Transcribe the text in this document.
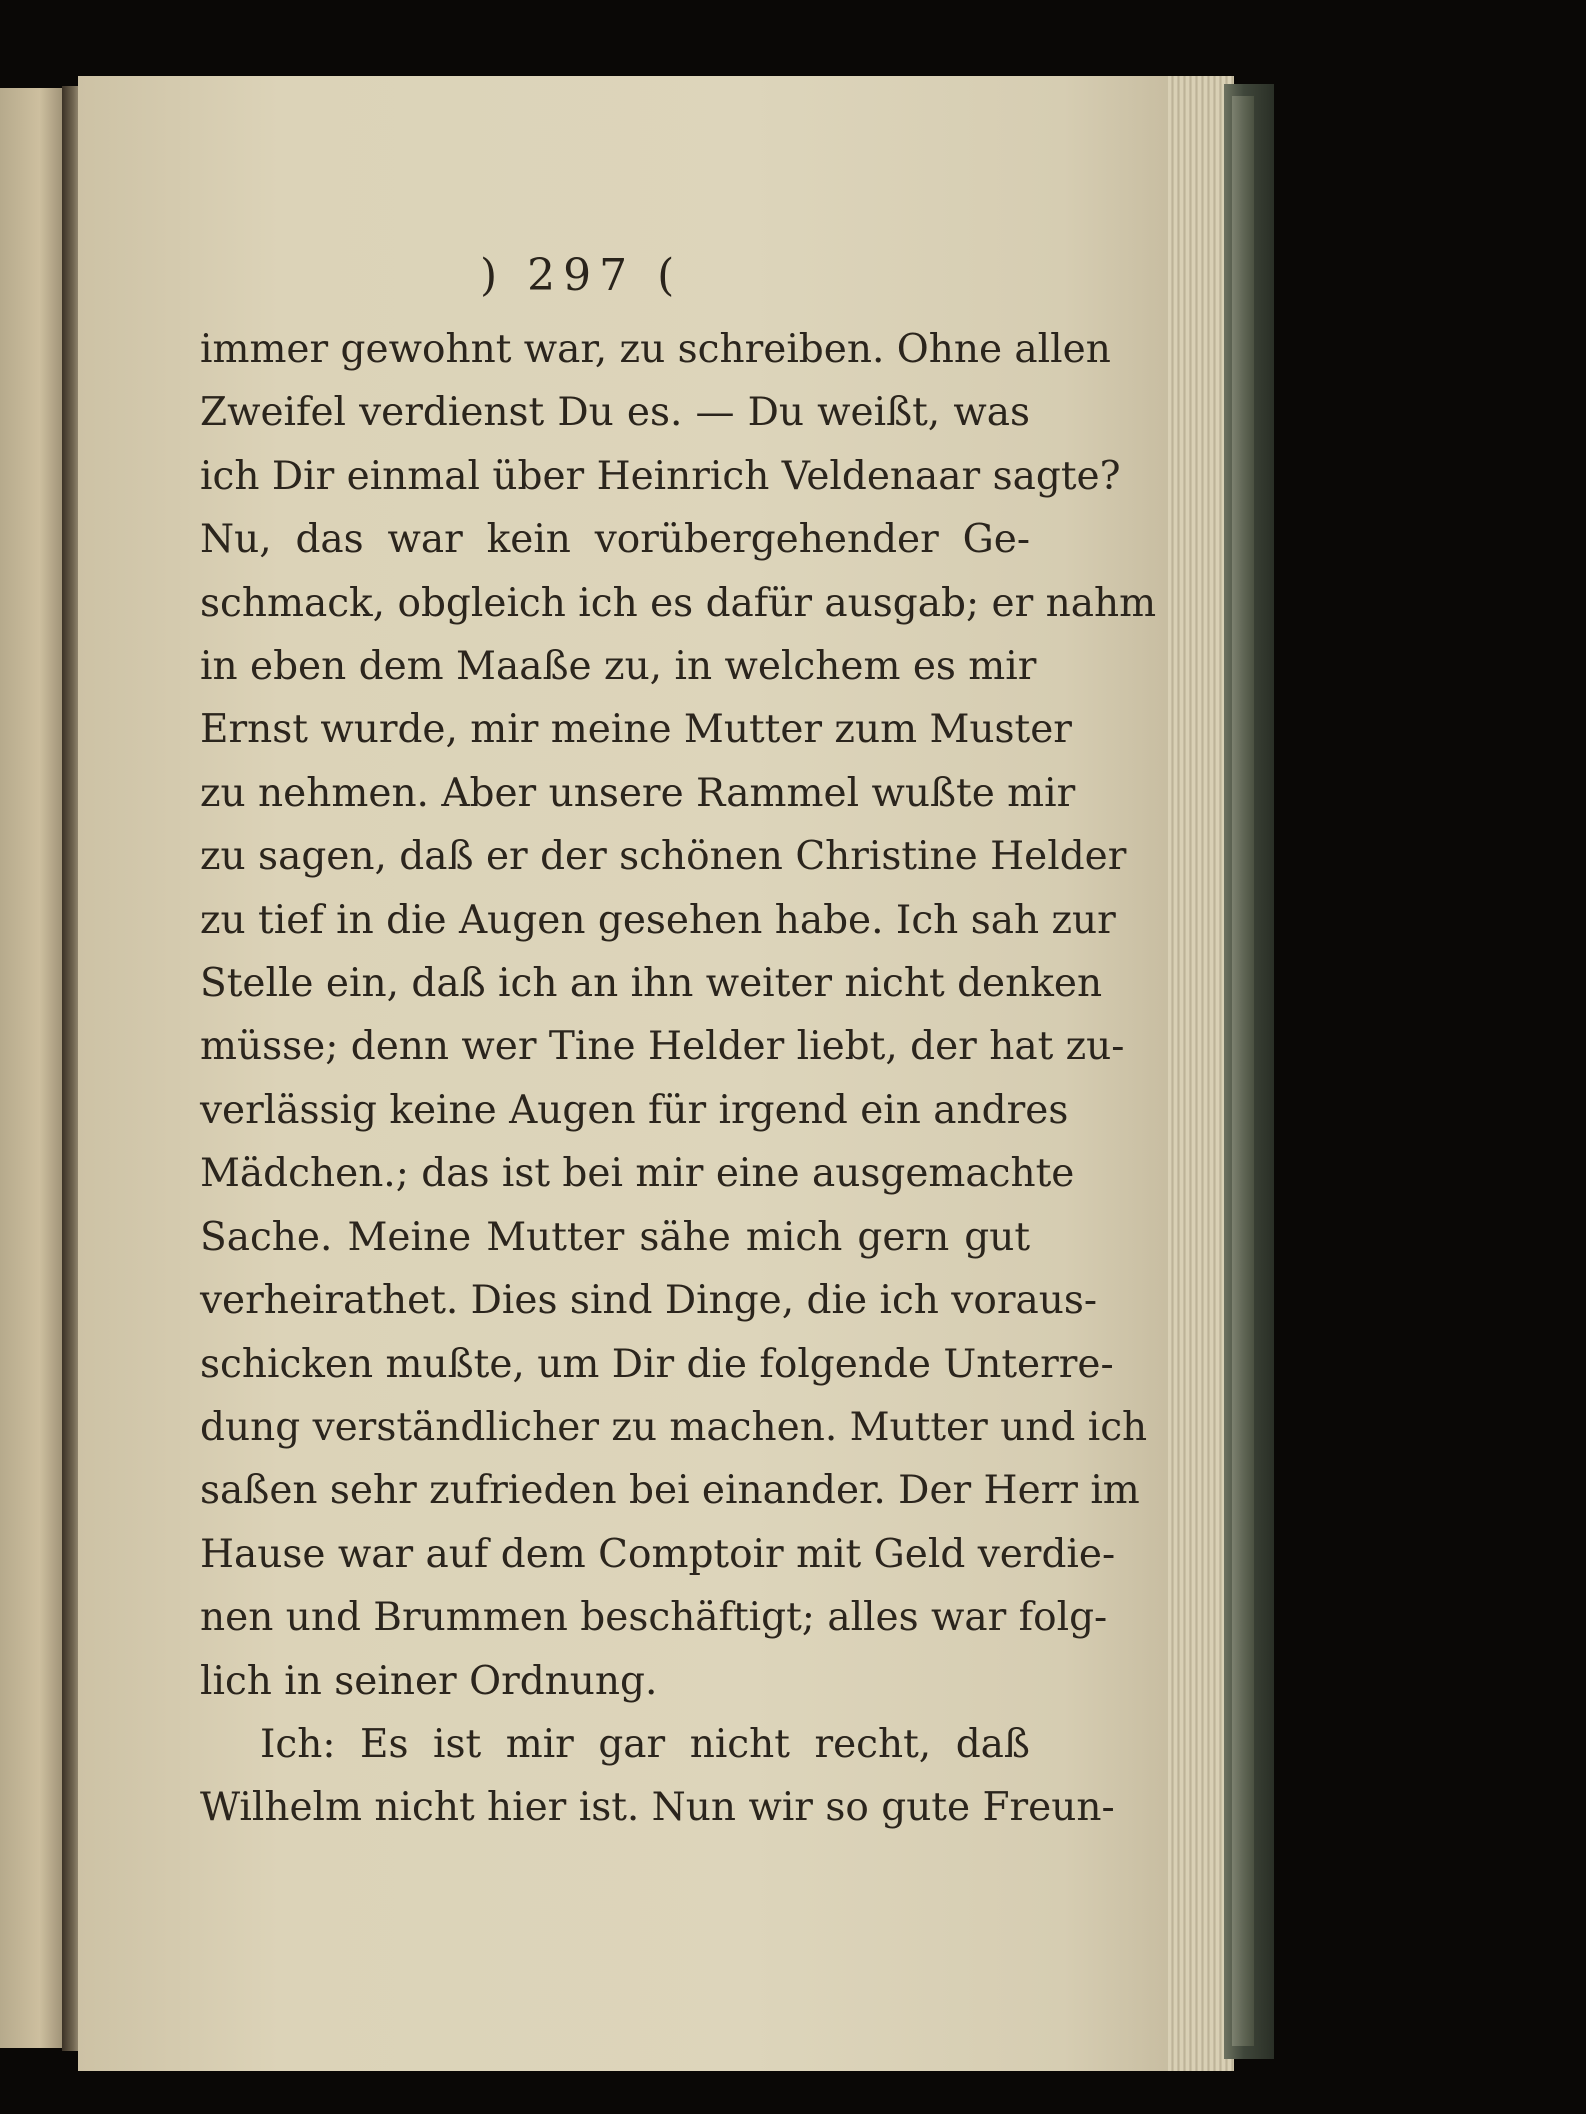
) 297 (
immer gewohnt war, zu schreiben. Ohne allen
Zweifel verdienst Du es. — Du weißt, was
ich Dir einmal über Heinrich Veldenaar sagte?
Nu, das war kein vorübergehender Ge-
schmack, obgleich ich es dafür ausgab; er nahm
in eben dem Maaße zu, in welchem es mir
Ernst wurde, mir meine Mutter zum Muster
zu nehmen. Aber unsere Rammel wußte mir
zu sagen, daß er der schönen Christine Helder
zu tief in die Augen gesehen habe. Ich sah zur
Stelle ein, daß ich an ihn weiter nicht denken
müsse; denn wer Tine Helder liebt, der hat zu-
verlässig keine Augen für irgend ein andres
Mädchen.; das ist bei mir eine ausgemachte
Sache. Meine Mutter sähe mich gern gut
verheirathet. Dies sind Dinge, die ich voraus-
schicken mußte, um Dir die folgende Unterre-
dung verständlicher zu machen. Mutter und ich
saßen sehr zufrieden bei einander. Der Herr im
Hause war auf dem Comptoir mit Geld verdie-
nen und Brummen beschäftigt; alles war folg-
lich in seiner Ordnung.
Ich: Es ist mir gar nicht recht, daß
Wilhelm nicht hier ist. Nun wir so gute Freun-
